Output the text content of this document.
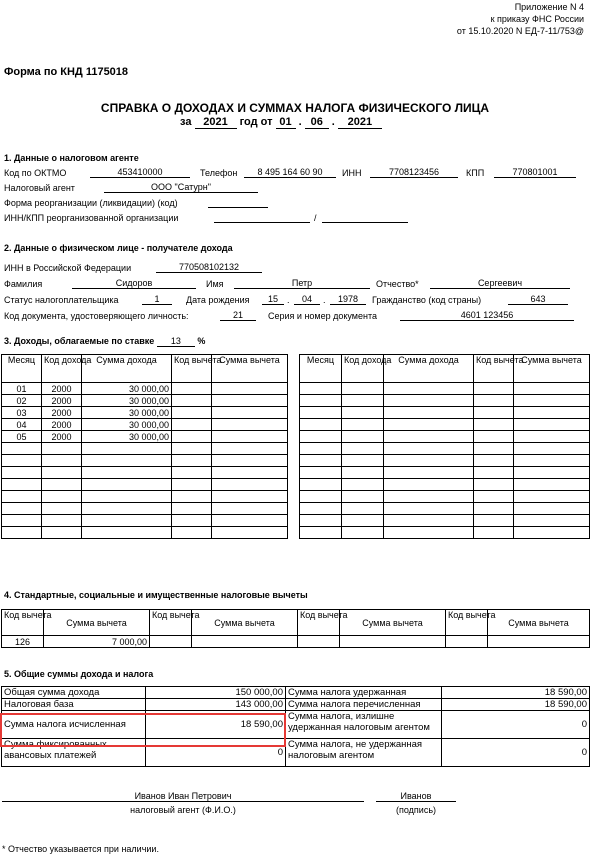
Приложение N 4
к приказу ФНС России
от 15.10.2020 N ЕД-7-11/753@
Форма по КНД 1175018
СПРАВКА О ДОХОДАХ И СУММАХ НАЛОГА ФИЗИЧЕСКОГО ЛИЦА
за 2021 год от 01 . 06 . 2021
1. Данные о налоговом агенте
Код по ОКТМО	453410000	Телефон	8 495 164 60 90	ИНН	7708123456	КПП	770801001
Налоговый агент	ООО "Сатурн"
Форма реорганизации (ликвидации) (код)
ИНН/КПП реорганизованной организации	/
2. Данные о физическом лице - получателе дохода
ИНН в Российской Федерации	770508102132
Фамилия	Сидоров	Имя	Петр	Отчество*	Сергеевич
Статус налогоплательщика	1	Дата рождения	15	.	04	.	1978	Гражданство (код страны)	643
Код документа, удостоверяющего личность:	21	Серия и номер документа	4601 123456
3. Доходы, облагаемые по ставке 13 %
Месяц	Код дохода	Сумма дохода	Код вычета	Сумма вычета
01	2000	30 000,00		
02	2000	30 000,00		
03	2000	30 000,00		
04	2000	30 000,00		
05	2000	30 000,00		

Месяц	Код дохода	Сумма дохода	Код вычета	Сумма вычета

4. Стандартные, социальные и имущественные налоговые вычеты
Код вычета	Сумма вычета	Код вычета	Сумма вычета	Код вычета	Сумма вычета	Код вычета	Сумма вычета
126	7 000,00						
5. Общие суммы дохода и налога
Общая сумма дохода	150 000,00	Сумма налога удержанная	18 590,00
Налоговая база	143 000,00	Сумма налога перечисленная	18 590,00
Сумма налога исчисленная	18 590,00	Сумма налога, излишне удержанная налоговым агентом	0
Сумма фиксированных авансовых платежей	0	Сумма налога, не удержанная налоговым агентом	0
Иванов Иван Петрович
налоговый агент (Ф.И.О.)
Иванов
(подпись)
* Отчество указывается при наличии.
